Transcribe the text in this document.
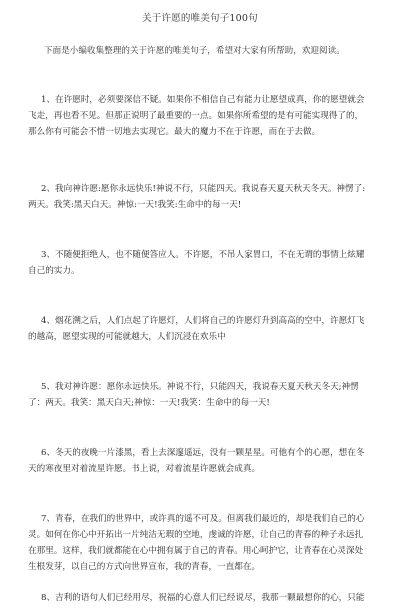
关于许愿的唯美句子100句
下面是小编收集整理的关于许愿的唯美句子，希望对大家有所帮助，欢迎阅读。
1、在许愿时，必须要深信不疑。如果你不相信自己有能力让愿望成真，你的愿望就会
飞走，再也看不见。但那正说明了最重要的一点。如果你所希望的是有可能实现得了的，
那么你有可能会不惜一切地去实现它。最大的魔力不在于许愿，而在于去做。
2、我向神许愿:愿你永远快乐!神说不行，只能四天。我说春天夏天秋天冬天。神愣了:
两天。我笑:黑天白天。神惊:一天!我笑:生命中的每一天!
3、不随便拒绝人，也不随便答应人。不许愿，不吊人家胃口，不在无谓的事情上炫耀
自己的实力。
4、烟花溯之后，人们点起了许愿灯，人们将自己的许愿灯升到高高的空中，许愿灯飞
的越高，愿望实现的可能就越大，人们沉浸在欢乐中
5、我对神许愿：愿你永远快乐。神说不行，只能四天，我说春天夏天秋天冬天;神愣
了：两天。我笑：黑天白天;神惊：一天!我笑：生命中的每一天!
6、冬天的夜晚一片漆黑，看上去深邃遥远，没有一颗星星。可他有个的心愿，想在冬
天的寒夜里对着流星许愿。书上说，对着流星许愿就会成真。
7、青春，在我们的世界中，或许真的遥不可及。但离我们最近的，却是我们自己的心
灵。如何在你心中开拓出一片纯洁无瑕的空地，虔诚的许愿，让自己的青春的种子永远扎
在那里。这样，我们就都能在心中拥有属于自己的青春。用心呵护它，让青春在心灵深处
生根发芽，以自己的方式向世界宣布，我的青春，一直都在。
8、吉利的语句人们已经用尽，祝福的心意人们已经说尽，我那一颗最想你的心，只能
